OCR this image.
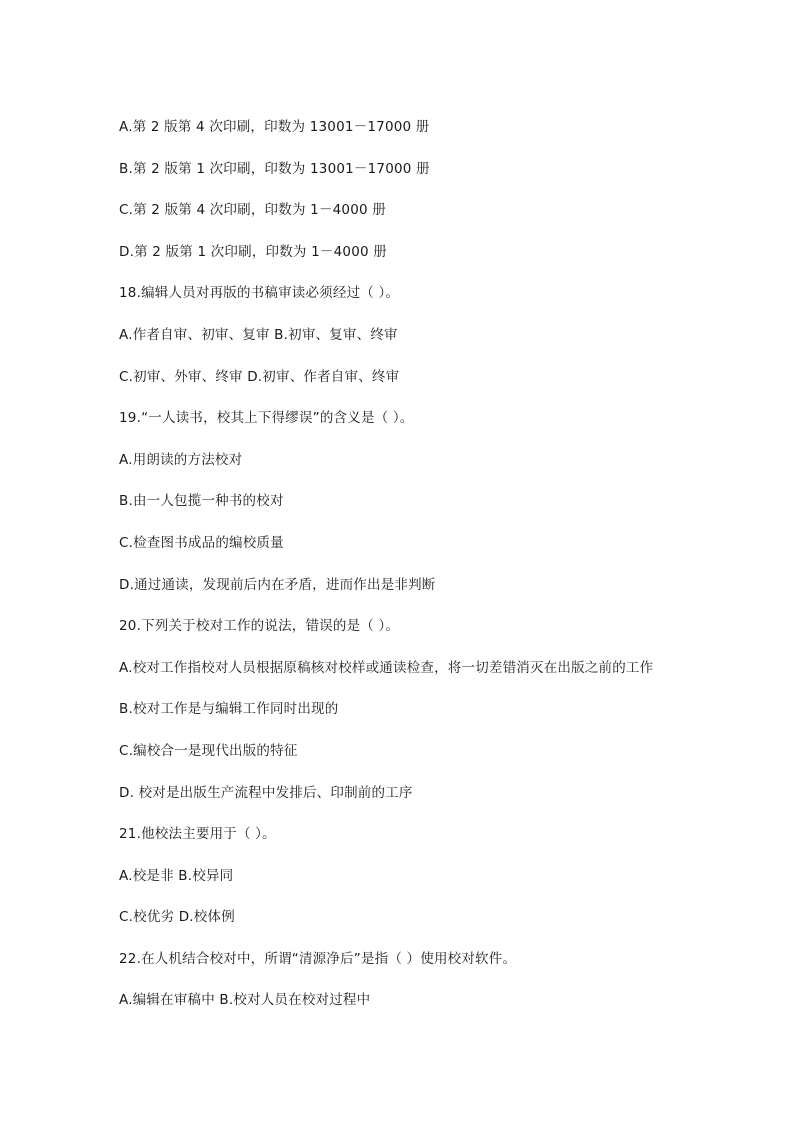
A.第 2 版第 4 次印刷，印数为 13001－17000 册
B.第 2 版第 1 次印刷，印数为 13001－17000 册
C.第 2 版第 4 次印刷，印数为 1－4000 册
D.第 2 版第 1 次印刷，印数为 1－4000 册
18.编辑人员对再版的书稿审读必须经过（ ）。
A.作者自审、初审、复审 B.初审、复审、终审
C.初审、外审、终审 D.初审、作者自审、终审
19.“一人读书，校其上下得缪误”的含义是（ ）。
A.用朗读的方法校对
B.由一人包揽一种书的校对
C.检查图书成品的编校质量
D.通过通读，发现前后内在矛盾，进而作出是非判断
20.下列关于校对工作的说法，错误的是（ ）。
A.校对工作指校对人员根据原稿核对校样或通读检查，将一切差错消灭在出版之前的工作
B.校对工作是与编辑工作同时出现的
C.编校合一是现代出版的特征
D. 校对是出版生产流程中发排后、印制前的工序
21.他校法主要用于（ ）。
A.校是非 B.校异同
C.校优劣 D.校体例
22.在人机结合校对中，所谓“清源净后”是指（ ）使用校对软件。
A.编辑在审稿中 B.校对人员在校对过程中
